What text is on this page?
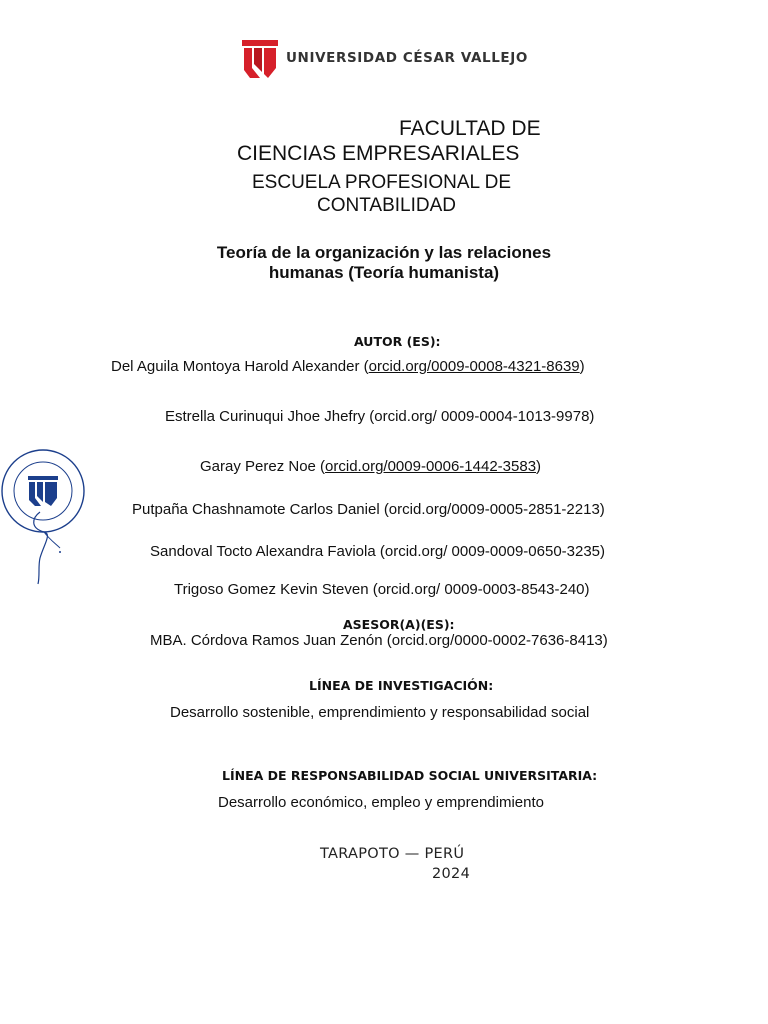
UNIVERSIDAD CÉSAR VALLEJO
FACULTAD DE
CIENCIAS EMPRESARIALES
ESCUELA PROFESIONAL DE
CONTABILIDAD
Teoría de la organización y las relaciones
humanas (Teoría humanista)
AUTOR (ES):
Del Aguila Montoya Harold Alexander (orcid.org/0009-0008-4321-8639)
Estrella Curinuqui Jhoe Jhefry (orcid.org/ 0009-0004-1013-9978)
Garay Perez Noe (orcid.org/0009-0006-1442-3583)
Putpaña Chashnamote Carlos Daniel (orcid.org/0009-0005-2851-2213)
Sandoval Tocto Alexandra Faviola (orcid.org/ 0009-0009-0650-3235)
Trigoso Gomez Kevin Steven (orcid.org/ 0009-0003-8543-240)
ASESOR(A)(ES):
MBA. Córdova Ramos Juan Zenón (orcid.org/0000-0002-7636-8413)
LÍNEA DE INVESTIGACIÓN:
Desarrollo sostenible, emprendimiento y responsabilidad social
LÍNEA DE RESPONSABILIDAD SOCIAL UNIVERSITARIA:
Desarrollo económico, empleo y emprendimiento
TARAPOTO — PERÚ
2024
